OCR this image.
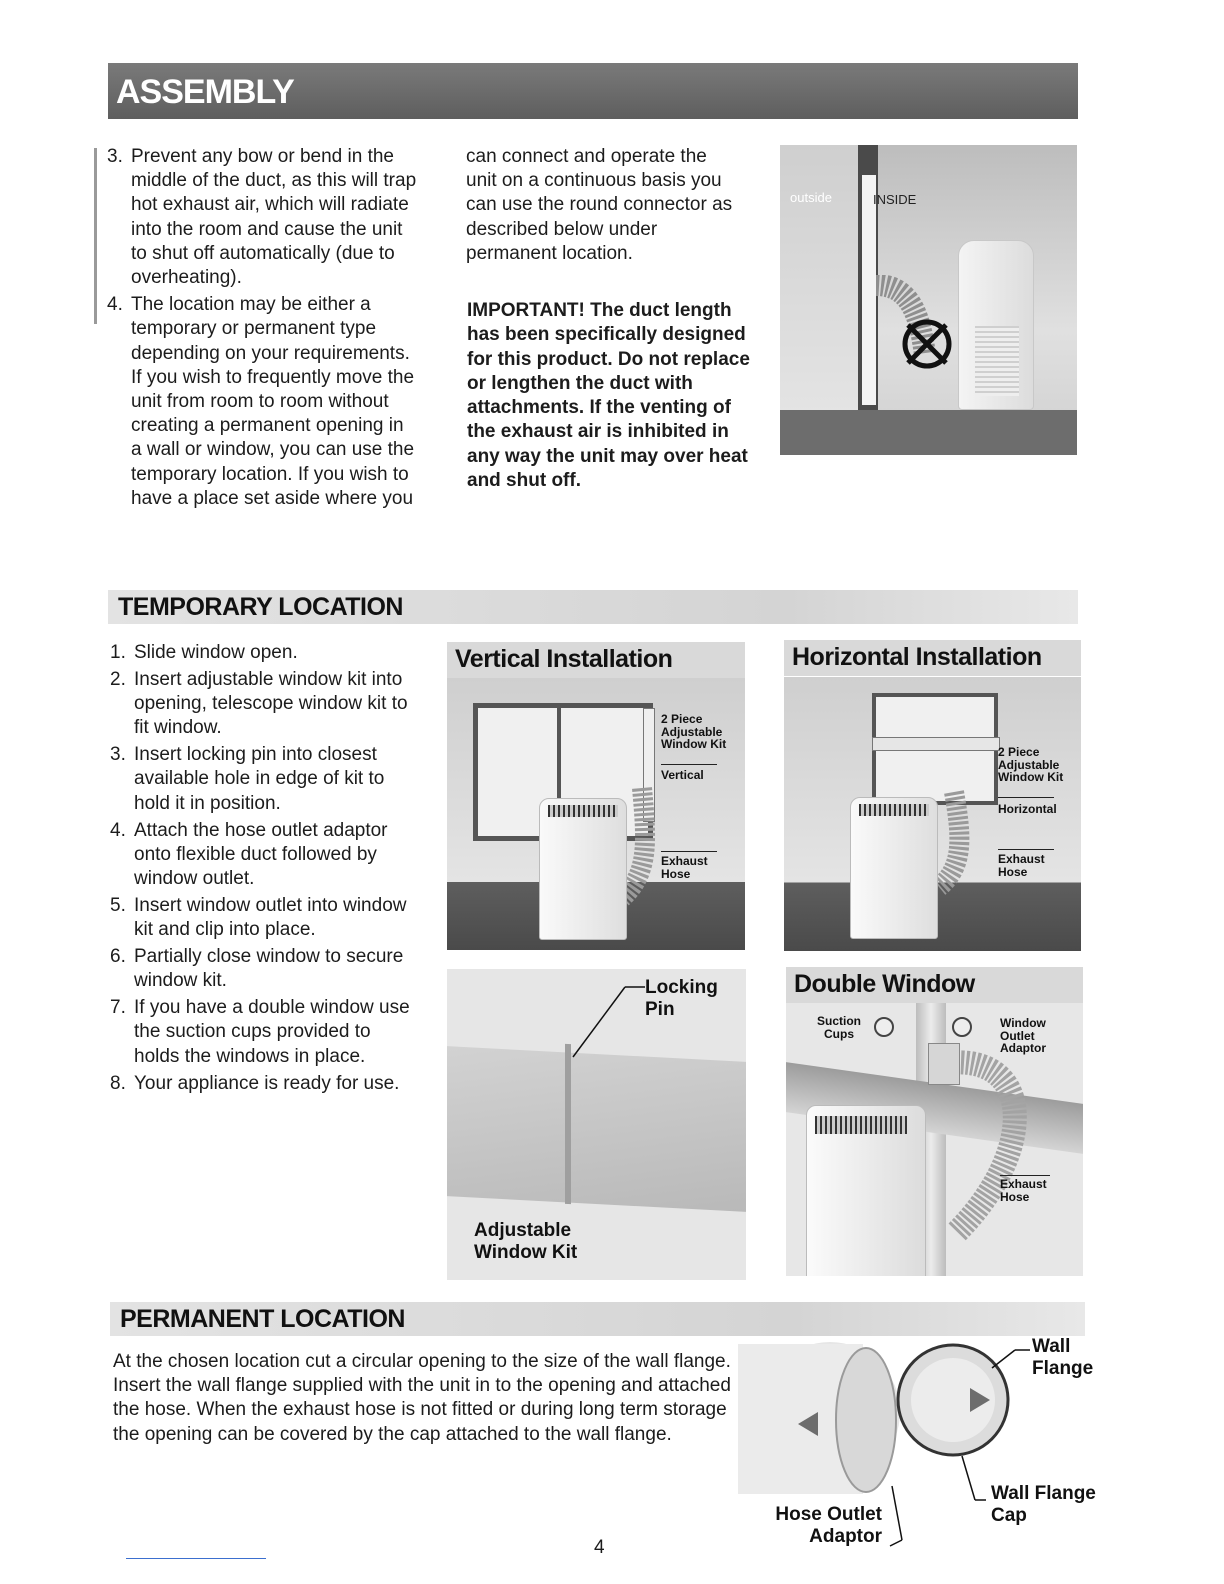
ASSEMBLY
3. Prevent any bow or bend in the middle of the duct, as this will trap hot exhaust air, which will radiate into the room and cause the unit to shut off automatically (due to overheating).
4. The location may be either a temporary or permanent type depending on your requirements. If you wish to frequently move the unit from room to room without creating a permanent opening in a wall or window, you can use the temporary location. If you wish to have a place set aside where you
can connect and operate the unit on a continuous basis you can use the round connector as described below under permanent location.
IMPORTANT! The duct length has been specifically designed for this product. Do not replace or lengthen the duct with attachments. If the venting of the exhaust air is inhibited in any way the unit may over heat and shut off.
outside	INSIDE
TEMPORARY LOCATION
1. Slide window open.
2. Insert adjustable window kit into opening, telescope window kit to fit window.
3. Insert locking pin into closest available hole in edge of kit to hold it in position.
4. Attach the hose outlet adaptor onto flexible duct followed by window outlet.
5. Insert window outlet into window kit and clip into place.
6. Partially close window to secure window kit.
7. If you have a double window use the suction cups provided to holds the windows in place.
8. Your appliance is ready for use.
Vertical Installation
2 Piece Adjustable Window Kit
Vertical
Exhaust Hose
Horizontal Installation
2 Piece Adjustable Window Kit
Horizontal
Exhaust Hose
Locking Pin
Adjustable Window Kit
Double Window
Suction Cups
Window Outlet Adaptor
Exhaust Hose
PERMANENT LOCATION
At the chosen location cut a circular opening to the size of the wall flange. Insert the wall flange supplied with the unit in to the opening and attached the hose. When the exhaust hose is not fitted or during long term storage the opening can be covered by the cap attached to the wall flange.
Wall Flange
Wall Flange Cap
Hose Outlet Adaptor
4
